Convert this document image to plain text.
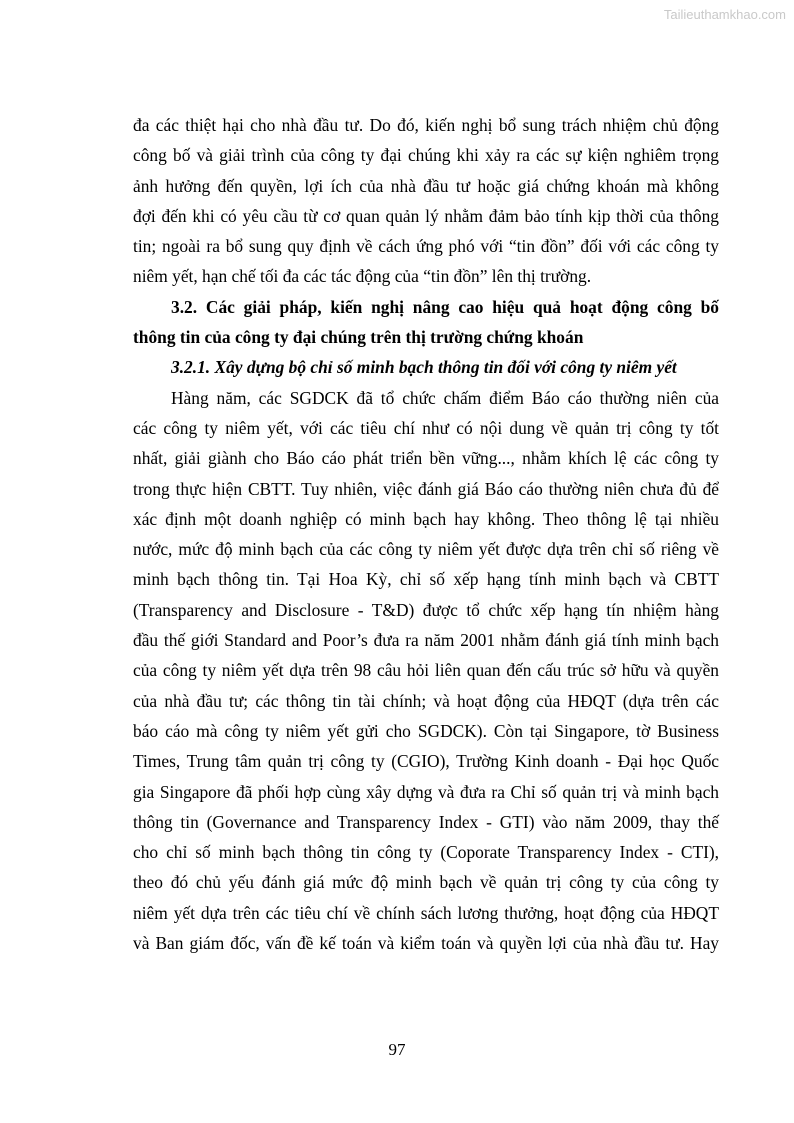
Tailieuthamkhao.com
đa các thiệt hại cho nhà đầu tư. Do đó, kiến nghị bổ sung trách nhiệm chủ động
công bố và giải trình của công ty đại chúng khi xảy ra các sự kiện nghiêm trọng
ảnh hưởng đến quyền, lợi ích của nhà đầu tư hoặc giá chứng khoán mà không
đợi đến khi có yêu cầu từ cơ quan quản lý nhằm đảm bảo tính kịp thời của thông
tin; ngoài ra bổ sung quy định về cách ứng phó với “tin đồn” đối với các công ty
niêm yết, hạn chế tối đa các tác động của “tin đồn” lên thị trường.
3.2. Các giải pháp, kiến nghị nâng cao hiệu quả hoạt động công bố
thông tin của công ty đại chúng trên thị trường chứng khoán
3.2.1. Xây dựng bộ chỉ số minh bạch thông tin đối với công ty niêm yết
Hàng năm, các SGDCK đã tổ chức chấm điểm Báo cáo thường niên của
các công ty niêm yết, với các tiêu chí như có nội dung về quản trị công ty tốt
nhất, giải giành cho Báo cáo phát triển bền vững..., nhằm khích lệ các công ty
trong thực hiện CBTT. Tuy nhiên, việc đánh giá Báo cáo thường niên chưa đủ để
xác định một doanh nghiệp có minh bạch hay không. Theo thông lệ tại nhiều
nước, mức độ minh bạch của các công ty niêm yết được dựa trên chỉ số riêng về
minh bạch thông tin. Tại Hoa Kỳ, chỉ số xếp hạng tính minh bạch và CBTT
(Transparency and Disclosure - T&D) được tổ chức xếp hạng tín nhiệm hàng
đầu thế giới Standard and Poor’s đưa ra năm 2001 nhằm đánh giá tính minh bạch
của công ty niêm yết dựa trên 98 câu hỏi liên quan đến cấu trúc sở hữu và quyền
của nhà đầu tư; các thông tin tài chính; và hoạt động của HĐQT (dựa trên các
báo cáo mà công ty niêm yết gửi cho SGDCK). Còn tại Singapore, tờ Business
Times, Trung tâm quản trị công ty (CGIO), Trường Kinh doanh - Đại học Quốc
gia Singapore đã phối hợp cùng xây dựng và đưa ra Chỉ số quản trị và minh bạch
thông tin (Governance and Transparency Index - GTI) vào năm 2009, thay thế
cho chỉ số minh bạch thông tin công ty (Coporate Transparency Index - CTI),
theo đó chủ yếu đánh giá mức độ minh bạch về quản trị công ty của công ty
niêm yết dựa trên các tiêu chí về chính sách lương thưởng, hoạt động của HĐQT
và Ban giám đốc, vấn đề kế toán và kiểm toán và quyền lợi của nhà đầu tư. Hay
97
